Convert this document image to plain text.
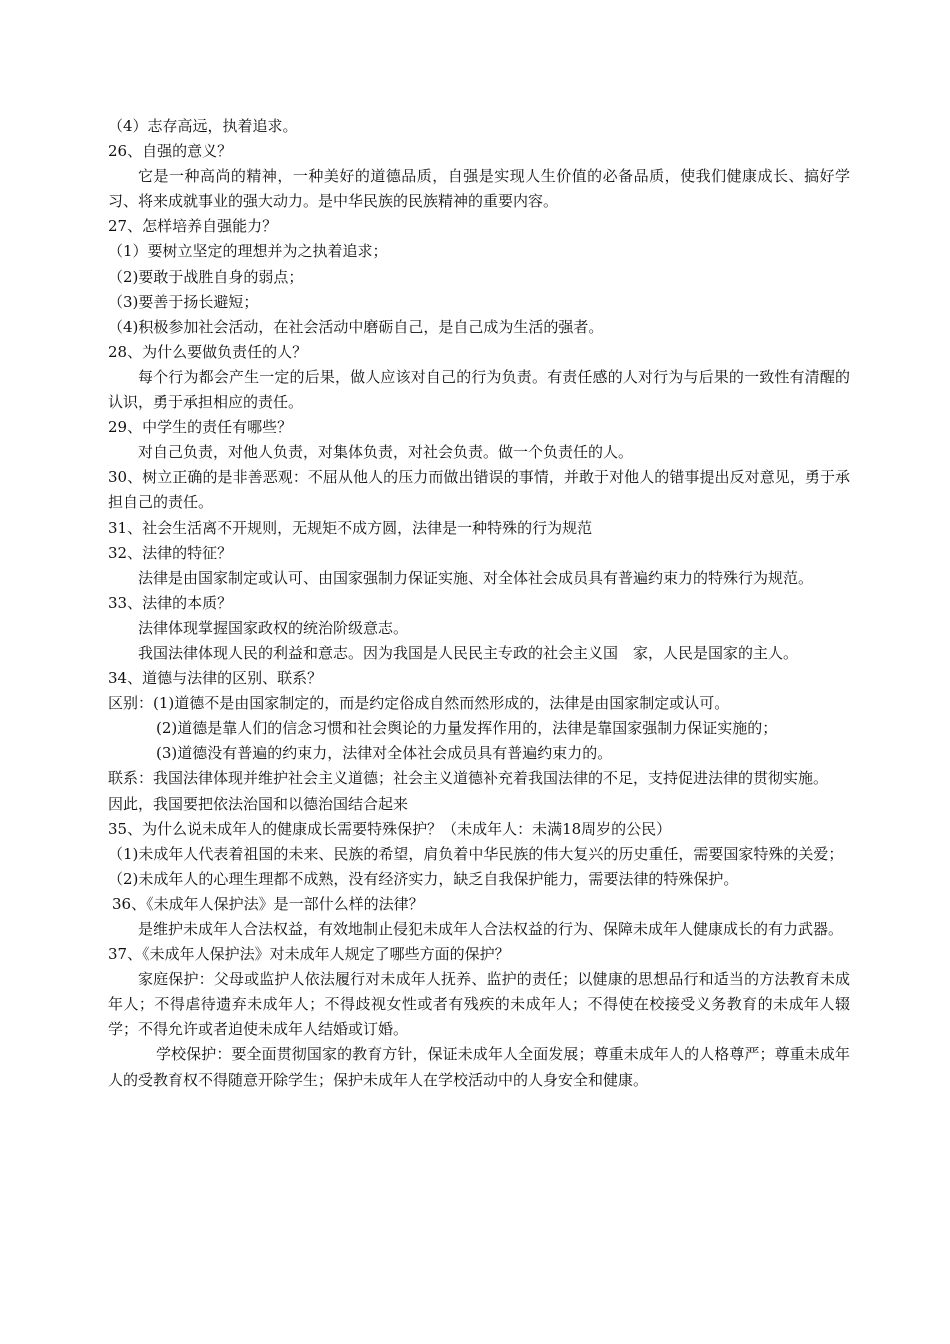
（4）志存高远，执着追求。

26、自强的意义？

它是一种高尚的精神，一种美好的道德品质，自强是实现人生价值的必备品质，使我们健康成长、搞好学习、将来成就事业的强大动力。是中华民族的民族精神的重要内容。

27、怎样培养自强能力？

（1）要树立坚定的理想并为之执着追求；

（2)要敢于战胜自身的弱点；

（3)要善于扬长避短；

（4)积极参加社会活动，在社会活动中磨砺自己，是自己成为生活的强者。

28、为什么要做负责任的人？

每个行为都会产生一定的后果，做人应该对自己的行为负责。有责任感的人对行为与后果的一致性有清醒的认识，勇于承担相应的责任。

29、中学生的责任有哪些？

对自己负责，对他人负责，对集体负责，对社会负责。做一个负责任的人。

30、树立正确的是非善恶观：不屈从他人的压力而做出错误的事情，并敢于对他人的错事提出反对意见，勇于承担自己的责任。

31、社会生活离不开规则，无规矩不成方圆，法律是一种特殊的行为规范

32、法律的特征？

法律是由国家制定或认可、由国家强制力保证实施、对全体社会成员具有普遍约束力的特殊行为规范。

33、法律的本质？

法律体现掌握国家政权的统治阶级意志。

我国法律体现人民的利益和意志。因为我国是人民民主专政的社会主义国　家，人民是国家的主人。

34、道德与法律的区别、联系？

区别：(1)道德不是由国家制定的，而是约定俗成自然而然形成的，法律是由国家制定或认可。

(2)道德是靠人们的信念习惯和社会舆论的力量发挥作用的，法律是靠国家强制力保证实施的；

(3)道德没有普遍的约束力，法律对全体社会成员具有普遍约束力的。

联系：我国法律体现并维护社会主义道德；社会主义道德补充着我国法律的不足，支持促进法律的贯彻实施。

因此，我国要把依法治国和以德治国结合起来

35、为什么说未成年人的健康成长需要特殊保护？（未成年人：未满18周岁的公民）

（1)未成年人代表着祖国的未来、民族的希望，肩负着中华民族的伟大复兴的历史重任，需要国家特殊的关爱；

（2)未成年人的心理生理都不成熟，没有经济实力，缺乏自我保护能力，需要法律的特殊保护。

36、《未成年人保护法》是一部什么样的法律？

是维护未成年人合法权益，有效地制止侵犯未成年人合法权益的行为、保障未成年人健康成长的有力武器。

37、《未成年人保护法》对未成年人规定了哪些方面的保护？

家庭保护：父母或监护人依法履行对未成年人抚养、监护的责任；以健康的思想品行和适当的方法教育未成年人；不得虐待遗弃未成年人；不得歧视女性或者有残疾的未成年人；不得使在校接受义务教育的未成年人辍学；不得允许或者迫使未成年人结婚或订婚。

学校保护：要全面贯彻国家的教育方针，保证未成年人全面发展；尊重未成年人的人格尊严；尊重未成年人的受教育权不得随意开除学生；保护未成年人在学校活动中的人身安全和健康。
